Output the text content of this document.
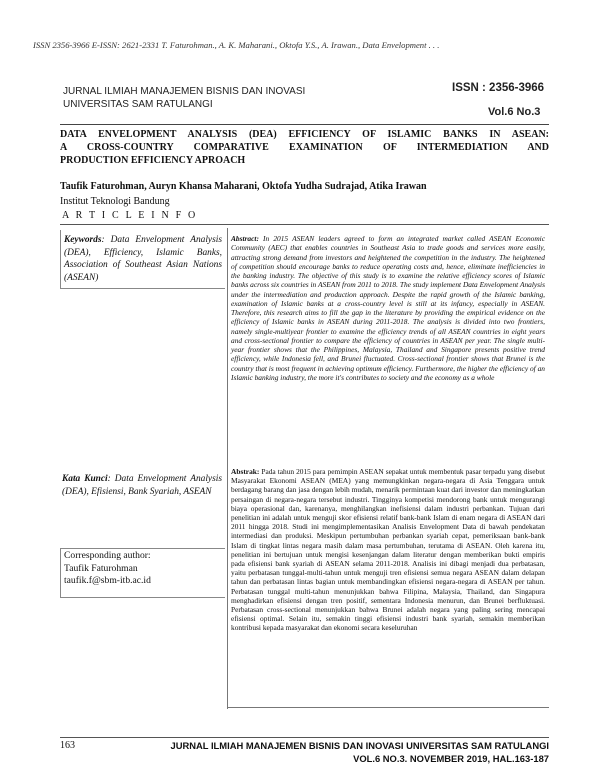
ISSN 2356-3966 E-ISSN: 2621-2331 T. Faturohman., A. K. Maharani., Oktofa Y.S., A. Irawan., Data Envelopment . . .
JURNAL ILMIAH MANAJEMEN BISNIS DAN INOVASI
UNIVERSITAS SAM RATULANGI
ISSN : 2356-3966
Vol.6 No.3
DATA ENVELOPMENT ANALYSIS (DEA) EFFICIENCY OF ISLAMIC BANKS IN ASEAN:
A CROSS-COUNTRY COMPARATIVE EXAMINATION OF INTERMEDIATION AND
PRODUCTION EFFICIENCY APROACH
Taufik Faturohman, Auryn Khansa Maharani, Oktofa Yudha Sudrajad, Atika Irawan
Institut Teknologi Bandung
A R T I C L E I N F O
Keywords: Data Envelopment Analysis (DEA), Efficiency, Islamic Banks, Association of Southeast Asian Nations (ASEAN)
Kata Kunci: Data Envelopment Analysis (DEA), Efisiensi, Bank Syariah, ASEAN
Corresponding author:
Taufik Faturohman
taufik.f@sbm-itb.ac.id

Abstract: In 2015 ASEAN leaders agreed to form an integrated market called ASEAN Economic Community (AEC) that enables countries in Southeast Asia to trade goods and services more easily, attracting strong demand from investors and heightened the competition in the industry. The heightened of competition should encourage banks to reduce operating costs and, hence, eliminate inefficiencies in the banking industry. The objective of this study is to examine the relative efficiency scores of Islamic banks across six countries in ASEAN from 2011 to 2018. The study implement Data Envelopment Analysis under the intermediation and production approach. Despite the rapid growth of the Islamic banking, examination of Islamic banks at a cross-country level is still at its infancy, especially in ASEAN. Therefore, this research aims to fill the gap in the literature by providing the empirical evidence on the efficiency of Islamic banks in ASEAN during 2011-2018. The analysis is divided into two frontiers, namely single-multiyear frontier to examine the efficiency trends of all ASEAN countries in eight years and cross-sectional frontier to compare the efficiency of countries in ASEAN per year. The single multi-year frontier shows that the Philippines, Malaysia, Thailand and Singapore presents positive trend efficiency, while Indonesia fell, and Brunei fluctuated. Cross-sectional frontier shows that Brunei is the country that is most frequent in achieving optimum efficiency. Furthermore, the higher the efficiency of an Islamic banking industry, the more it's contributes to society and the economy as a whole

Abstrak: Pada tahun 2015 para pemimpin ASEAN sepakat untuk membentuk pasar terpadu yang disebut Masyarakat Ekonomi ASEAN (MEA) yang memungkinkan negara-negara di Asia Tenggara untuk berdagang barang dan jasa dengan lebih mudah, menarik permintaan kuat dari investor dan meningkatkan persaingan di negara-negara tersebut industri. Tingginya kompetisi mendorong bank untuk mengurangi biaya operasional dan, karenanya, menghilangkan inefisiensi dalam industri perbankan. Tujuan dari penelitian ini adalah untuk menguji skor efisiensi relatif bank-bank Islam di enam negara di ASEAN dari 2011 hingga 2018. Studi ini mengimplementasikan Analisis Envelopment Data di bawah pendekatan intermediasi dan produksi. Meskipun pertumbuhan perbankan syariah cepat, pemeriksaan bank-bank Islam di tingkat lintas negara masih dalam masa pertumbuhan, terutama di ASEAN. Oleh karena itu, penelitian ini bertujuan untuk mengisi kesenjangan dalam literatur dengan memberikan bukti empiris pada efisiensi bank syariah di ASEAN selama 2011-2018. Analisis ini dibagi menjadi dua perbatasan, yaitu perbatasan tunggal-multi-tahun untuk menguji tren efisiensi semua negara ASEAN dalam delapan tahun dan perbatasan lintas bagian untuk membandingkan efisiensi negara-negara di ASEAN per tahun. Perbatasan tunggal multi-tahun menunjukkan bahwa Filipina, Malaysia, Thailand, dan Singapura menghadirkan efisiensi dengan tren positif, sementara Indonesia menurun, dan Brunei berfluktuasi. Perbatasan cross-sectional menunjukkan bahwa Brunei adalah negara yang paling sering mencapai efisiensi optimal. Selain itu, semakin tinggi efisiensi industri bank syariah, semakin memberikan kontribusi kepada masyarakat dan ekonomi secara keseluruhan

163	JURNAL ILMIAH MANAJEMEN BISNIS DAN INOVASI UNIVERSITAS SAM RATULANGI
VOL.6 NO.3. NOVEMBER 2019, HAL.163-187
